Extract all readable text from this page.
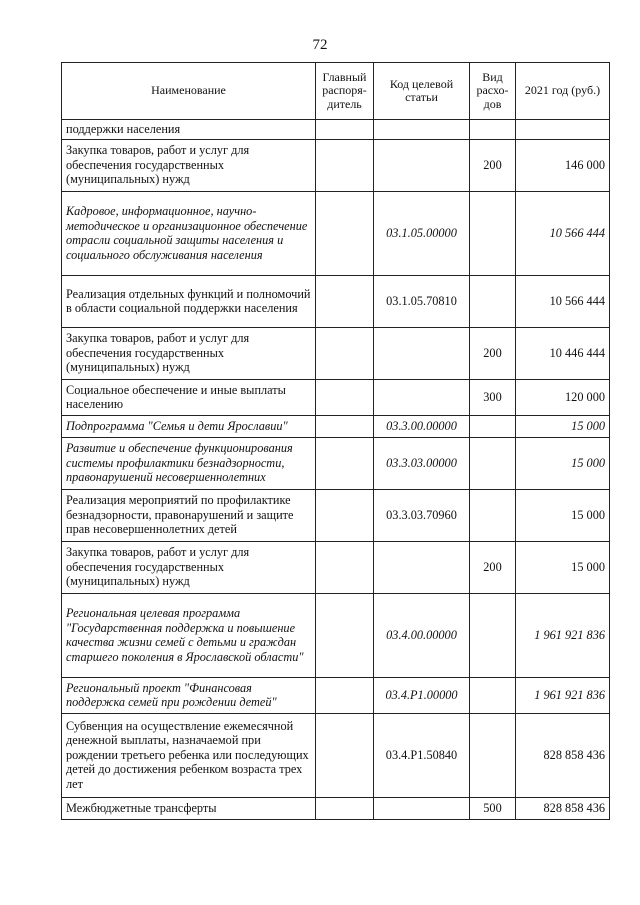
72
Наименование	Главный распоря-дитель	Код целевой статьи	Вид расхо-дов	2021 год (руб.)
поддержки населения				
Закупка товаров, работ и услуг для обеспечения государственных (муниципальных) нужд			200	146 000
Кадровое, информационное, научно-методическое и организационное обеспечение отрасли социальной защиты населения и социального обслуживания населения		03.1.05.00000		10 566 444
Реализация отдельных функций и полномочий в области социальной поддержки населения		03.1.05.70810		10 566 444
Закупка товаров, работ и услуг для обеспечения государственных (муниципальных) нужд			200	10 446 444
Социальное обеспечение и иные выплаты населению			300	120 000
Подпрограмма "Семья и дети Ярославии"		03.3.00.00000		15 000
Развитие и обеспечение функционирования системы профилактики безнадзорности, правонарушений несовершеннолетних		03.3.03.00000		15 000
Реализация мероприятий по профилактике безнадзорности, правонарушений и защите прав несовершеннолетних детей		03.3.03.70960		15 000
Закупка товаров, работ и услуг для обеспечения государственных (муниципальных) нужд			200	15 000
Региональная целевая программа "Государственная поддержка и повышение качества жизни семей с детьми и граждан старшего поколения в Ярославской области"		03.4.00.00000		1 961 921 836
Региональный проект "Финансовая поддержка семей при рождении детей"		03.4.P1.00000		1 961 921 836
Субвенция на осуществление ежемесячной денежной выплаты, назначаемой при рождении третьего ребенка или последующих детей до достижения ребенком возраста трех лет		03.4.P1.50840		828 858 436
Межбюджетные трансферты			500	828 858 436
